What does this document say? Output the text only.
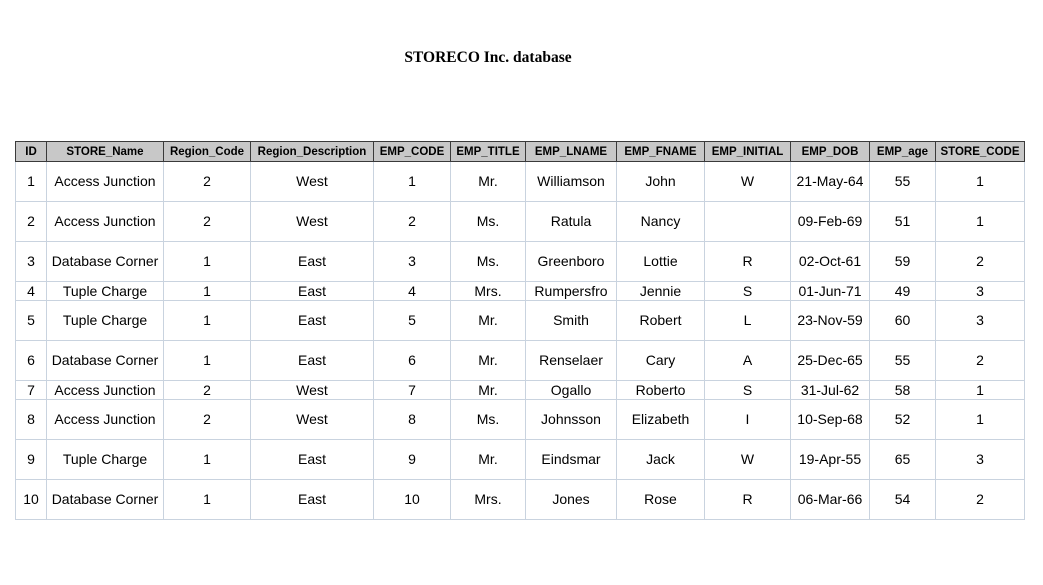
STORECO Inc. database
ID	STORE_Name	Region_Code	Region_Description	EMP_CODE	EMP_TITLE	EMP_LNAME	EMP_FNAME	EMP_INITIAL	EMP_DOB	EMP_age	STORE_CODE
1	Access Junction	2	West	1	Mr.	Williamson	John	W	21-May-64	55	1
2	Access Junction	2	West	2	Ms.	Ratula	Nancy		09-Feb-69	51	1
3	Database Corner	1	East	3	Ms.	Greenboro	Lottie	R	02-Oct-61	59	2
4	Tuple Charge	1	East	4	Mrs.	Rumpersfro	Jennie	S	01-Jun-71	49	3
5	Tuple Charge	1	East	5	Mr.	Smith	Robert	L	23-Nov-59	60	3
6	Database Corner	1	East	6	Mr.	Renselaer	Cary	A	25-Dec-65	55	2
7	Access Junction	2	West	7	Mr.	Ogallo	Roberto	S	31-Jul-62	58	1
8	Access Junction	2	West	8	Ms.	Johnsson	Elizabeth	I	10-Sep-68	52	1
9	Tuple Charge	1	East	9	Mr.	Eindsmar	Jack	W	19-Apr-55	65	3
10	Database Corner	1	East	10	Mrs.	Jones	Rose	R	06-Mar-66	54	2
